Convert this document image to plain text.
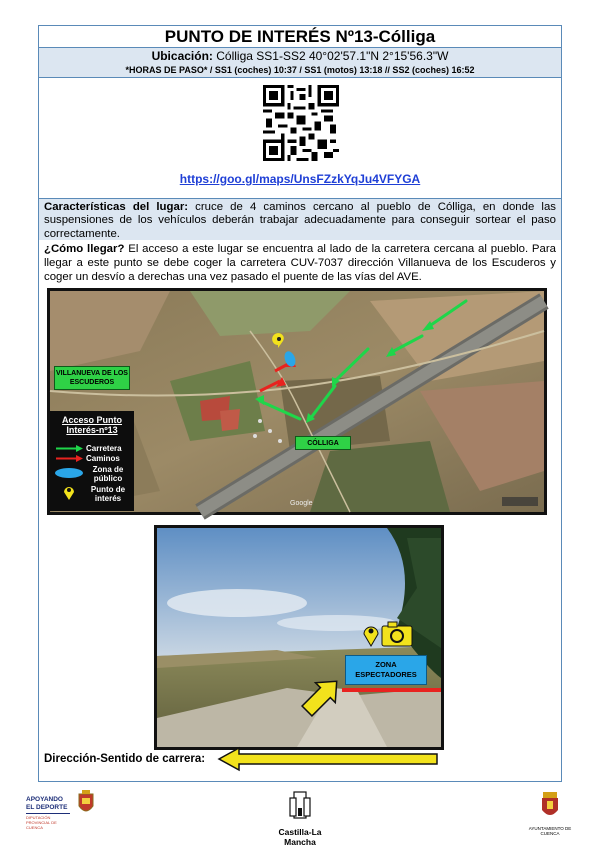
PUNTO DE INTERÉS Nº13-Cólliga
Ubicación: Cólliga SS1-SS2 40°02'57.1"N 2°15'56.3"W
*HORAS DE PASO* / SS1 (coches) 10:37 / SS1 (motos) 13:18 // SS2 (coches) 16:52
https://goo.gl/maps/UnsFZzkYqJu4VFYGA
Características del lugar: cruce de 4 caminos cercano al pueblo de Cólliga, en donde las suspensiones de los vehículos deberán trabajar adecuadamente para conseguir sortear el paso correctamente.
¿Cómo llegar? El acceso a este lugar se encuentra al lado de la carretera cercana al pueblo. Para llegar a este punto se debe coger la carretera CUV-7037 dirección Villanueva de los Escuderos y coger un desvío a derechas una vez pasado el puente de las vías del AVE.
Google
VILLANUEVA DE LOS ESCUDEROS
CÓLLIGA
Acceso Punto Interés-nº13
Carretera
Caminos
Zona de público
Punto de interés
ZONA ESPECTADORES
Dirección-Sentido de carrera:
APOYANDO
EL DEPORTE
DIPUTACIÓN PROVINCIAL DE CUENCA	Castilla-La Mancha
AYUNTAMIENTO DE CUENCA
